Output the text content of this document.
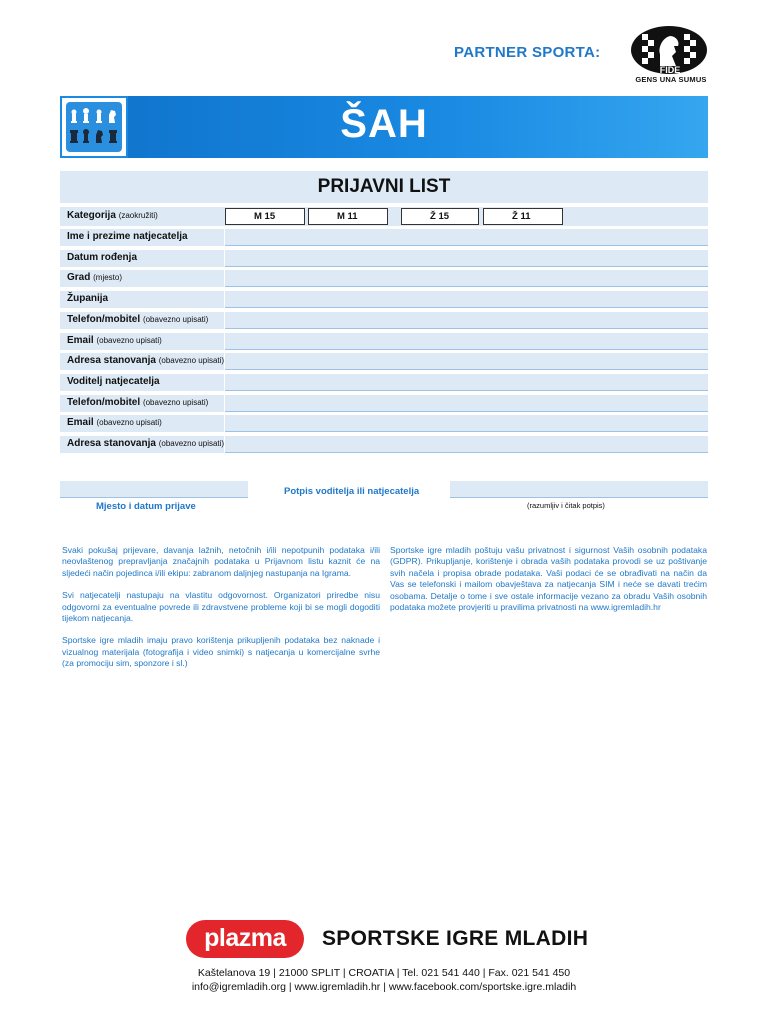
PARTNER SPORTA:
FIDE
GENS UNA SUMUS
ŠAH
PRIJAVNI LIST
Kategorija (zaokružiti)	M 15	M 11	Ž 15	Ž 11
Ime i prezime natjecatelja
Datum rođenja
Grad (mjesto)
Županija
Telefon/mobitel (obavezno upisati)
Email (obavezno upisati)
Adresa stanovanja (obavezno upisati)
Voditelj natjecatelja
Telefon/mobitel (obavezno upisati)
Email (obavezno upisati)
Adresa stanovanja (obavezno upisati)
Mjesto i datum prijave
Potpis voditelja ili natjecatelja
(razumljiv i čitak potpis)

Svaki pokušaj prijevare, davanja lažnih, netočnih i/ili nepotpunih podataka i/ili neovlaštenog prepravljanja značajnih podataka u Prijavnom listu kaznit će na sljedeći način pojedinca i/ili ekipu: zabranom daljnjeg nastupanja na Igrama.

Svi natjecatelji nastupaju na vlastitu odgovornost. Organizatori priredbe nisu odgovorni za eventualne povrede ili zdravstvene probleme koji bi se mogli dogoditi tijekom natjecanja.

Sportske igre mladih imaju pravo korištenja prikupljenih podataka bez naknade i vizualnog materijala (fotografija i video snimki) s natjecanja u komercijalne svrhe (za promociju sim, sponzore i sl.)

Sportske igre mladih poštuju vašu privatnost i sigurnost Vaših osobnih podataka (GDPR). Prikupljanje, korištenje i obrada vaših podataka provodi se uz poštivanje svih načela i propisa obrade podataka. Vaši podaci će se obrađivati na način da Vas se telefonski i mailom obavještava za natjecanja SIM i neće se davati trećim osobama. Detalje o tome i sve ostale informacije vezano za obradu Vaših osobnih podataka možete provjeriti u pravilima privatnosti na www.igremladih.hr

plazma	SPORTSKE IGRE MLADIH
Kaštelanova 19 | 21000 SPLIT | CROATIA | Tel. 021 541 440 | Fax. 021 541 450
info@igremladih.org | www.igremladih.hr | www.facebook.com/sportske.igre.mladih
